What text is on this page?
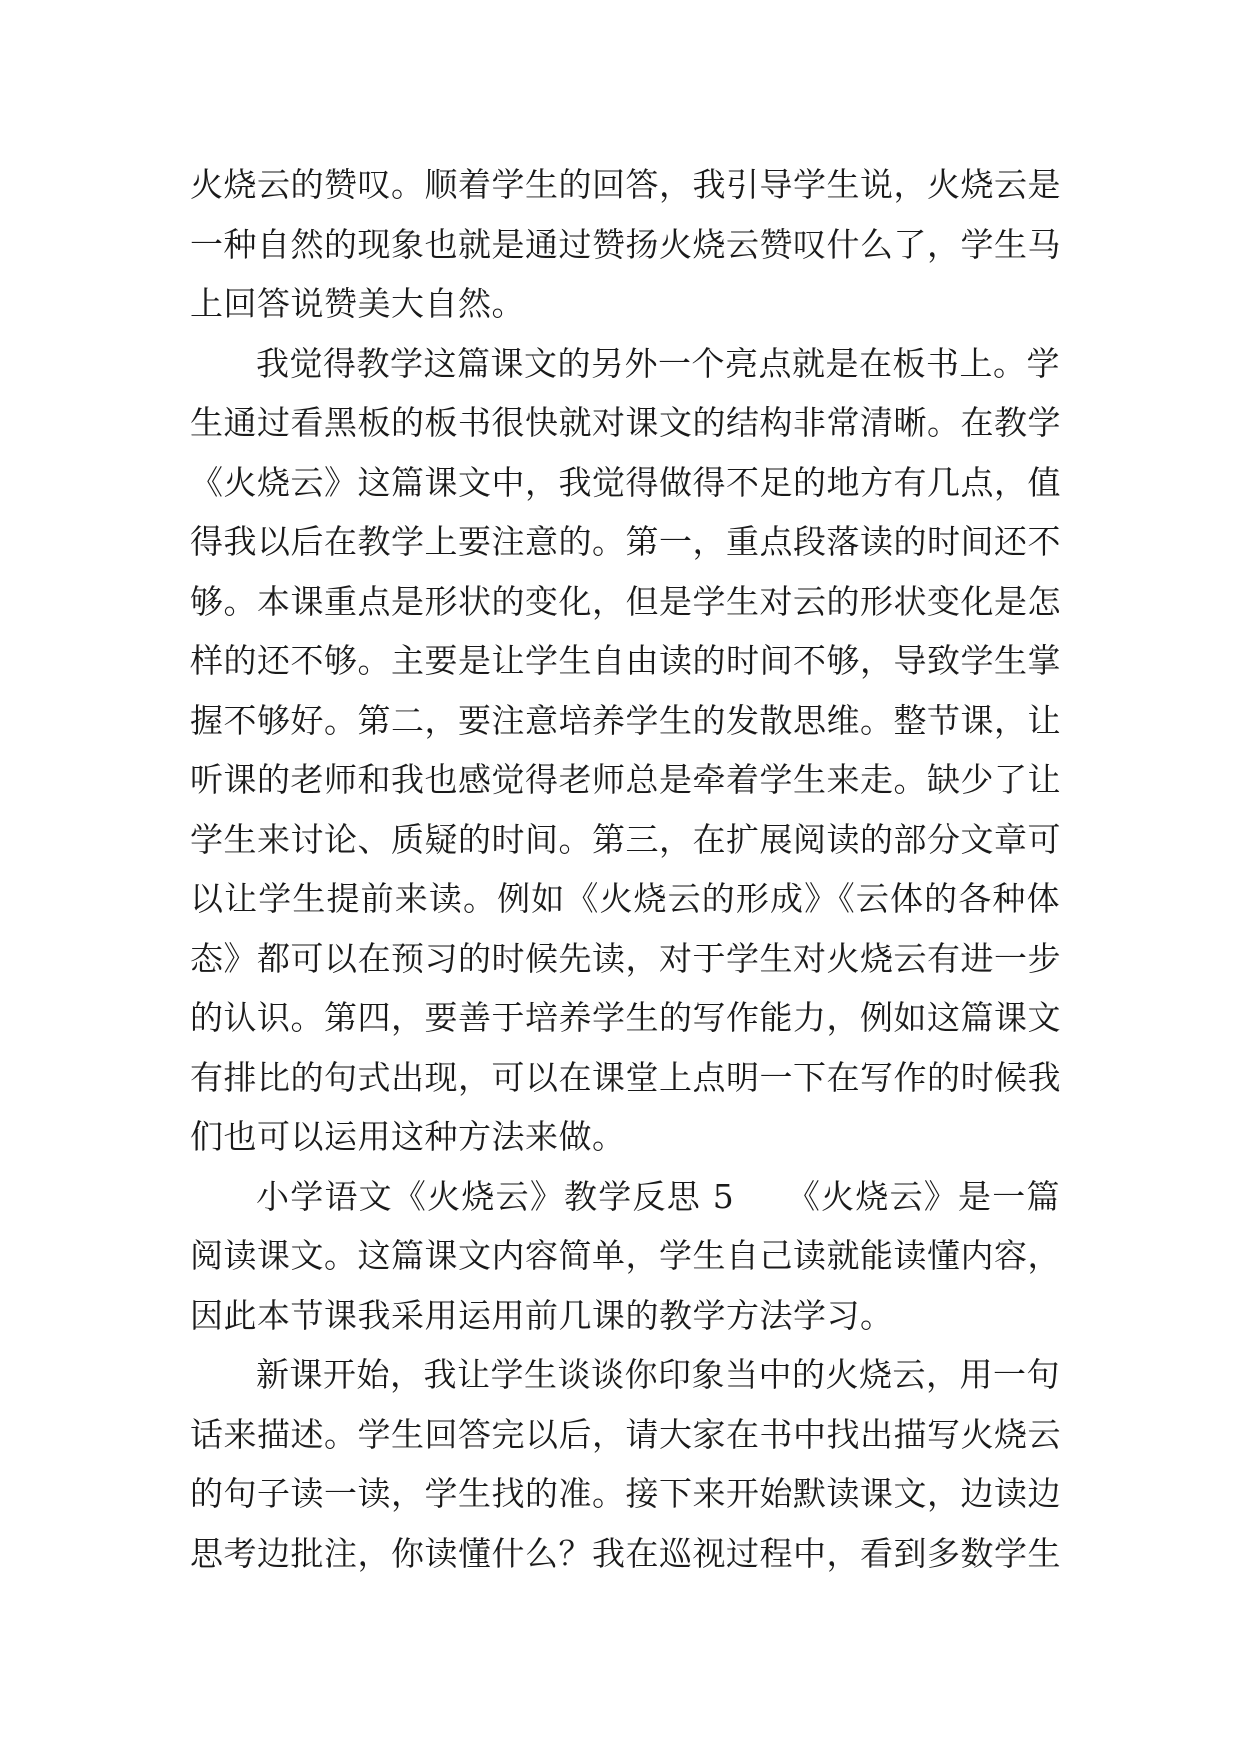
火烧云的赞叹。顺着学生的回答，我引导学生说，火烧云是
一种自然的现象也就是通过赞扬火烧云赞叹什么了，学生马
上回答说赞美大自然。
我觉得教学这篇课文的另外一个亮点就是在板书上。学
生通过看黑板的板书很快就对课文的结构非常清晰。在教学
《火烧云》这篇课文中，我觉得做得不足的地方有几点，值
得我以后在教学上要注意的。第一，重点段落读的时间还不
够。本课重点是形状的变化，但是学生对云的形状变化是怎
样的还不够。主要是让学生自由读的时间不够，导致学生掌
握不够好。第二，要注意培养学生的发散思维。整节课，让
听课的老师和我也感觉得老师总是牵着学生来走。缺少了让
学生来讨论、质疑的时间。第三，在扩展阅读的部分文章可
以让学生提前来读。例如《火烧云的形成》《云体的各种体
态》都可以在预习的时候先读，对于学生对火烧云有进一步
的认识。第四，要善于培养学生的写作能力，例如这篇课文
有排比的句式出现，可以在课堂上点明一下在写作的时候我
们也可以运用这种方法来做。
小学语文《火烧云》教学反思 5　　《火烧云》是一篇
阅读课文。这篇课文内容简单，学生自己读就能读懂内容，
因此本节课我采用运用前几课的教学方法学习。
新课开始，我让学生谈谈你印象当中的火烧云，用一句
话来描述。学生回答完以后，请大家在书中找出描写火烧云
的句子读一读，学生找的准。接下来开始默读课文，边读边
思考边批注，你读懂什么？我在巡视过程中，看到多数学生
